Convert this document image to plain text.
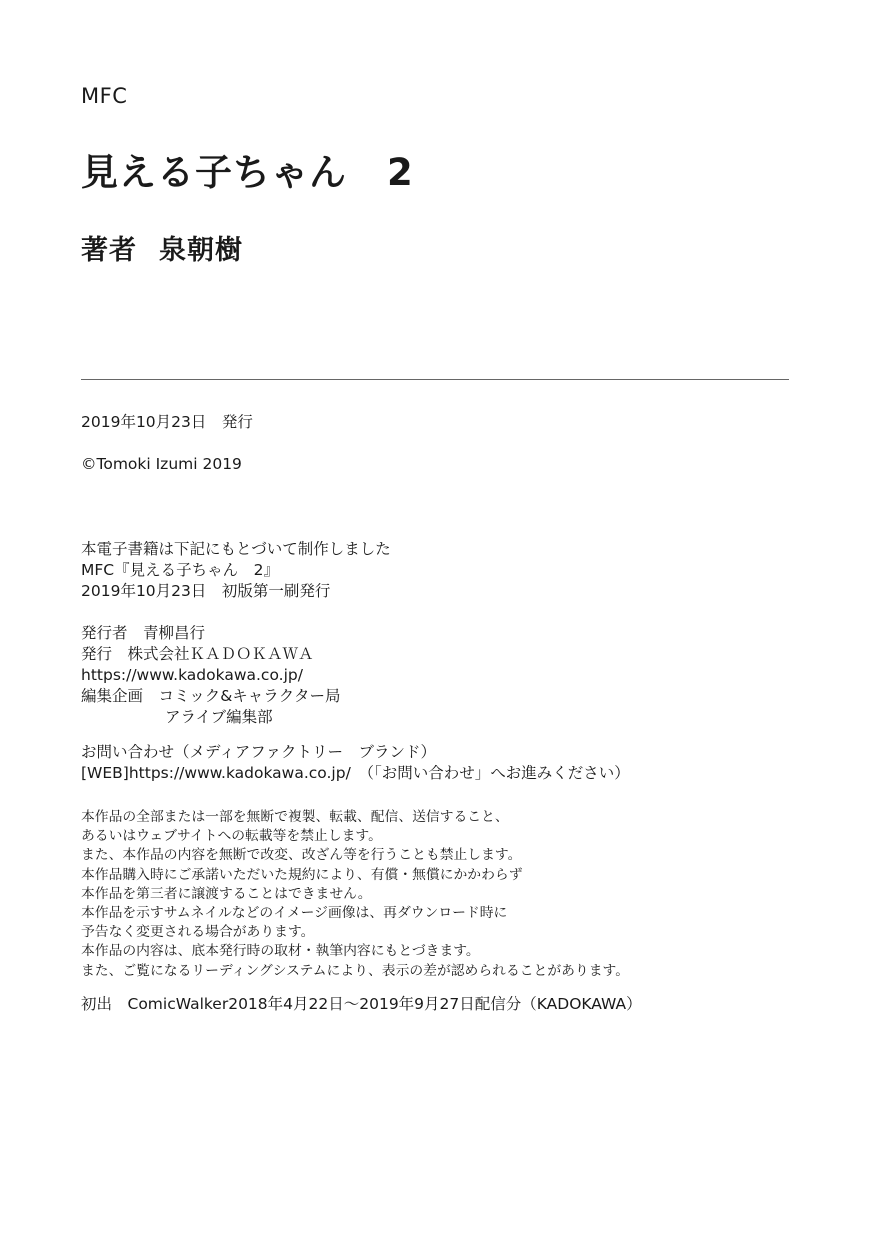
MFC
見える子ちゃん 2
著者 泉朝樹
2019年10月23日　発行
©Tomoki Izumi 2019
本電子書籍は下記にもとづいて制作しました
MFC『見える子ちゃん　2』
2019年10月23日　初版第一刷発行
発行者　青柳昌行
発行　株式会社ＫＡＤＯＫＡＷＡ
https://www.kadokawa.co.jp/
編集企画　コミック&キャラクター局
アライブ編集部
お問い合わせ（メディアファクトリー　ブランド）
[WEB]https://www.kadokawa.co.jp/　（「お問い合わせ」へお進みください）
本作品の全部または一部を無断で複製、転載、配信、送信すること、
あるいはウェブサイトへの転載等を禁止します。
また、本作品の内容を無断で改変、改ざん等を行うことも禁止します。
本作品購入時にご承諾いただいた規約により、有償・無償にかかわらず
本作品を第三者に譲渡することはできません。
本作品を示すサムネイルなどのイメージ画像は、再ダウンロード時に
予告なく変更される場合があります。
本作品の内容は、底本発行時の取材・執筆内容にもとづきます。
また、ご覧になるリーディングシステムにより、表示の差が認められることがあります。
初出　ComicWalker2018年4月22日～2019年9月27日配信分（KADOKAWA）
